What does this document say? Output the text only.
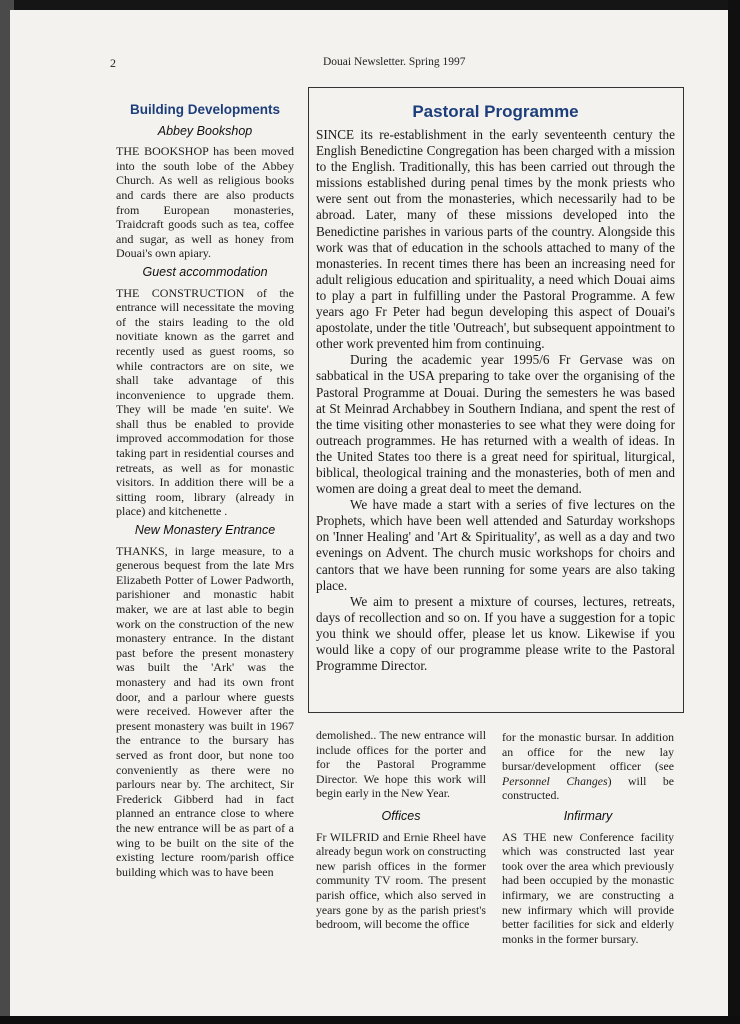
2	Douai Newsletter. Spring 1997
Building Developments
Abbey Bookshop

THE BOOKSHOP has been moved into the south lobe of the Abbey Church. As well as religious books and cards there are also products from European monasteries, Traidcraft goods such as tea, coffee and sugar, as well as honey from Douai's own apiary.

Guest accommodation

THE CONSTRUCTION of the entrance will necessitate the moving of the stairs leading to the old novitiate known as the garret and recently used as guest rooms, so while contractors are on site, we shall take advantage of this inconvenience to upgrade them. They will be made 'en suite'. We shall thus be enabled to provide improved accommodation for those taking part in residential courses and retreats, as well as for monastic visitors. In addition there will be a sitting room, library (already in place) and kitchenette .

New Monastery Entrance

THANKS, in large measure, to a generous bequest from the late Mrs Elizabeth Potter of Lower Padworth, parishioner and monastic habit maker, we are at last able to begin work on the construction of the new monastery entrance. In the distant past before the present monastery was built the 'Ark' was the monastery and had its own front door, and a parlour where guests were received. However after the present monastery was built in 1967 the entrance to the bursary has served as front door, but none too conveniently as there were no parlours near by. The architect, Sir Frederick Gibberd had in fact planned an entrance close to where the new entrance will be as part of a wing to be built on the site of the existing lecture room/parish office building which was to have been

Pastoral Programme

SINCE its re-establishment in the early seventeenth century the English Benedictine Congregation has been charged with a mission to the English. Traditionally, this has been carried out through the missions established during penal times by the monk priests who were sent out from the monasteries, which necessarily had to be abroad. Later, many of these missions developed into the Benedictine parishes in various parts of the country. Alongside this work was that of education in the schools attached to many of the monasteries. In recent times there has been an increasing need for adult religious education and spirituality, a need which Douai aims to play a part in fulfilling under the Pastoral Programme. A few years ago Fr Peter had begun developing this aspect of Douai's apostolate, under the title 'Outreach', but subsequent appointment to other work prevented him from continuing.

During the academic year 1995/6 Fr Gervase was on sabbatical in the USA preparing to take over the organising of the Pastoral Programme at Douai. During the semesters he was based at St Meinrad Archabbey in Southern Indiana, and spent the rest of the time visiting other monasteries to see what they were doing for outreach programmes. He has returned with a wealth of ideas. In the United States too there is a great need for spiritual, liturgical, biblical, theological training and the monasteries, both of men and women are doing a great deal to meet the demand.

We have made a start with a series of five lectures on the Prophets, which have been well attended and Saturday workshops on 'Inner Healing' and 'Art & Spirituality', as well as a day and two evenings on Advent. The church music workshops for choirs and cantors that we have been running for some years are also taking place.

We aim to present a mixture of courses, lectures, retreats, days of recollection and so on. If you have a suggestion for a topic you think we should offer, please let us know. Likewise if you would like a copy of our programme please write to the Pastoral Programme Director.

demolished.. The new entrance will include offices for the porter and for the Pastoral Programme Director. We hope this work will begin early in the New Year.

Offices

Fr WILFRID and Ernie Rheel have already begun work on constructing new parish offices in the former community TV room. The present parish office, which also served in years gone by as the parish priest's bedroom, will become the office

for the monastic bursar. In addition an office for the new lay bursar/development officer (see Personnel Changes) will be constructed.

Infirmary

AS THE new Conference facility which was constructed last year took over the area which previously had been occupied by the monastic infirmary, we are constructing a new infirmary which will provide better facilities for sick and elderly monks in the former bursary.
